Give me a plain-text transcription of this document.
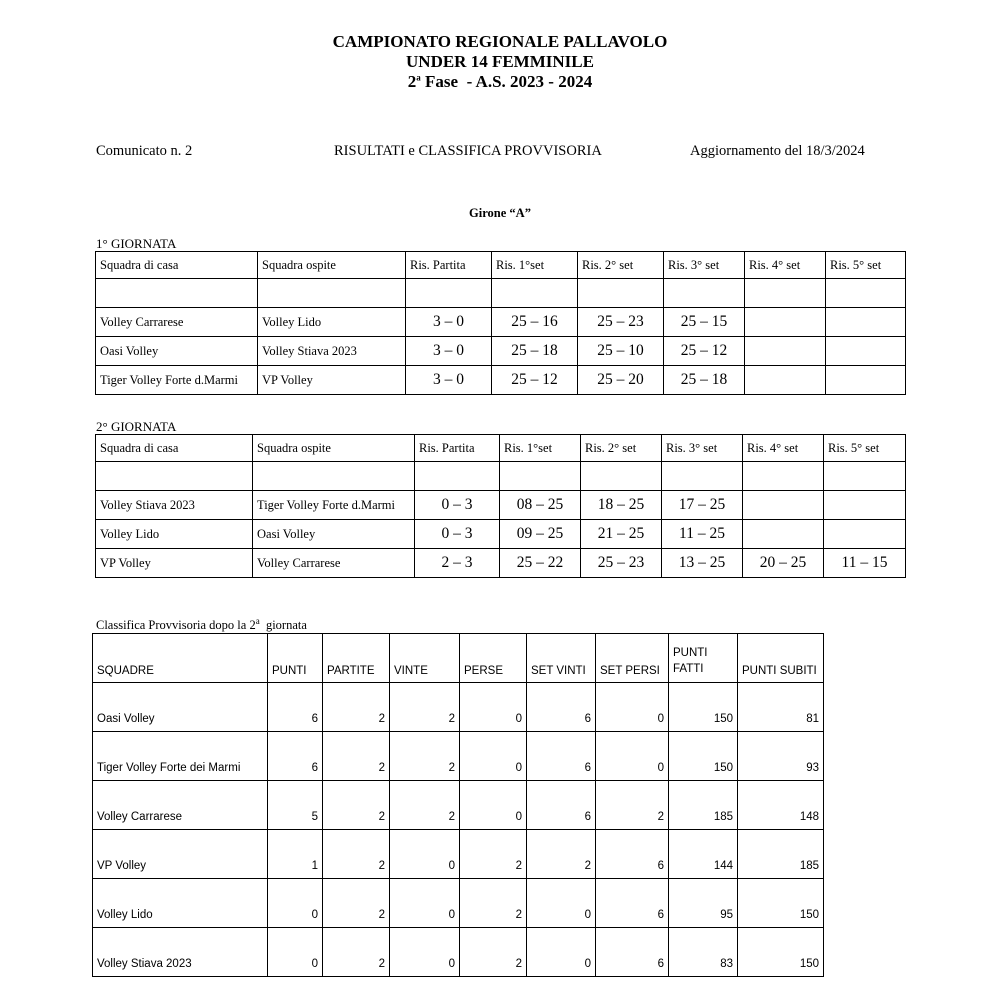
CAMPIONATO REGIONALE PALLAVOLO
UNDER 14 FEMMINILE
2$^a$ Fase  - A.S. 2023 - 2024
Comunicato n. 2	RISULTATI e CLASSIFICA PROVVISORIA	Aggiornamento del 18/3/2024
Girone “A”
1° GIORNATA
Squadra di casa	Squadra ospite	Ris. Partita	Ris. 1°set	Ris. 2° set	Ris. 3° set	Ris. 4° set	Ris. 5° set

Volley Carrarese	Volley Lido	3 – 0	25 – 16	25 – 23	25 – 15		
Oasi Volley	Volley Stiava 2023	3 – 0	25 – 18	25 – 10	25 – 12		
Tiger Volley Forte d.Marmi	VP Volley	3 – 0	25 – 12	25 – 20	25 – 18		
2° GIORNATA
Squadra di casa	Squadra ospite	Ris. Partita	Ris. 1°set	Ris. 2° set	Ris. 3° set	Ris. 4° set	Ris. 5° set

Volley Stiava 2023	Tiger Volley Forte d.Marmi	0 – 3	08 – 25	18 – 25	17 – 25		
Volley Lido	Oasi Volley	0 – 3	09 – 25	21 – 25	11 – 25		
VP Volley	Volley Carrarese	2 – 3	25 – 22	25 – 23	13 – 25	20 – 25	11 – 15
Classifica Provvisoria dopo la 2$^a$  giornata
SQUADRE	PUNTI	PARTITE	VINTE	PERSE	SET VINTI	SET PERSI	PUNTI FATTI	PUNTI SUBITI
Oasi Volley	6	2	2	0	6	0	150	81
Tiger Volley Forte dei Marmi	6	2	2	0	6	0	150	93
Volley Carrarese	5	2	2	0	6	2	185	148
VP Volley	1	2	0	2	2	6	144	185
Volley Lido	0	2	0	2	0	6	95	150
Volley Stiava 2023	0	2	0	2	0	6	83	150
